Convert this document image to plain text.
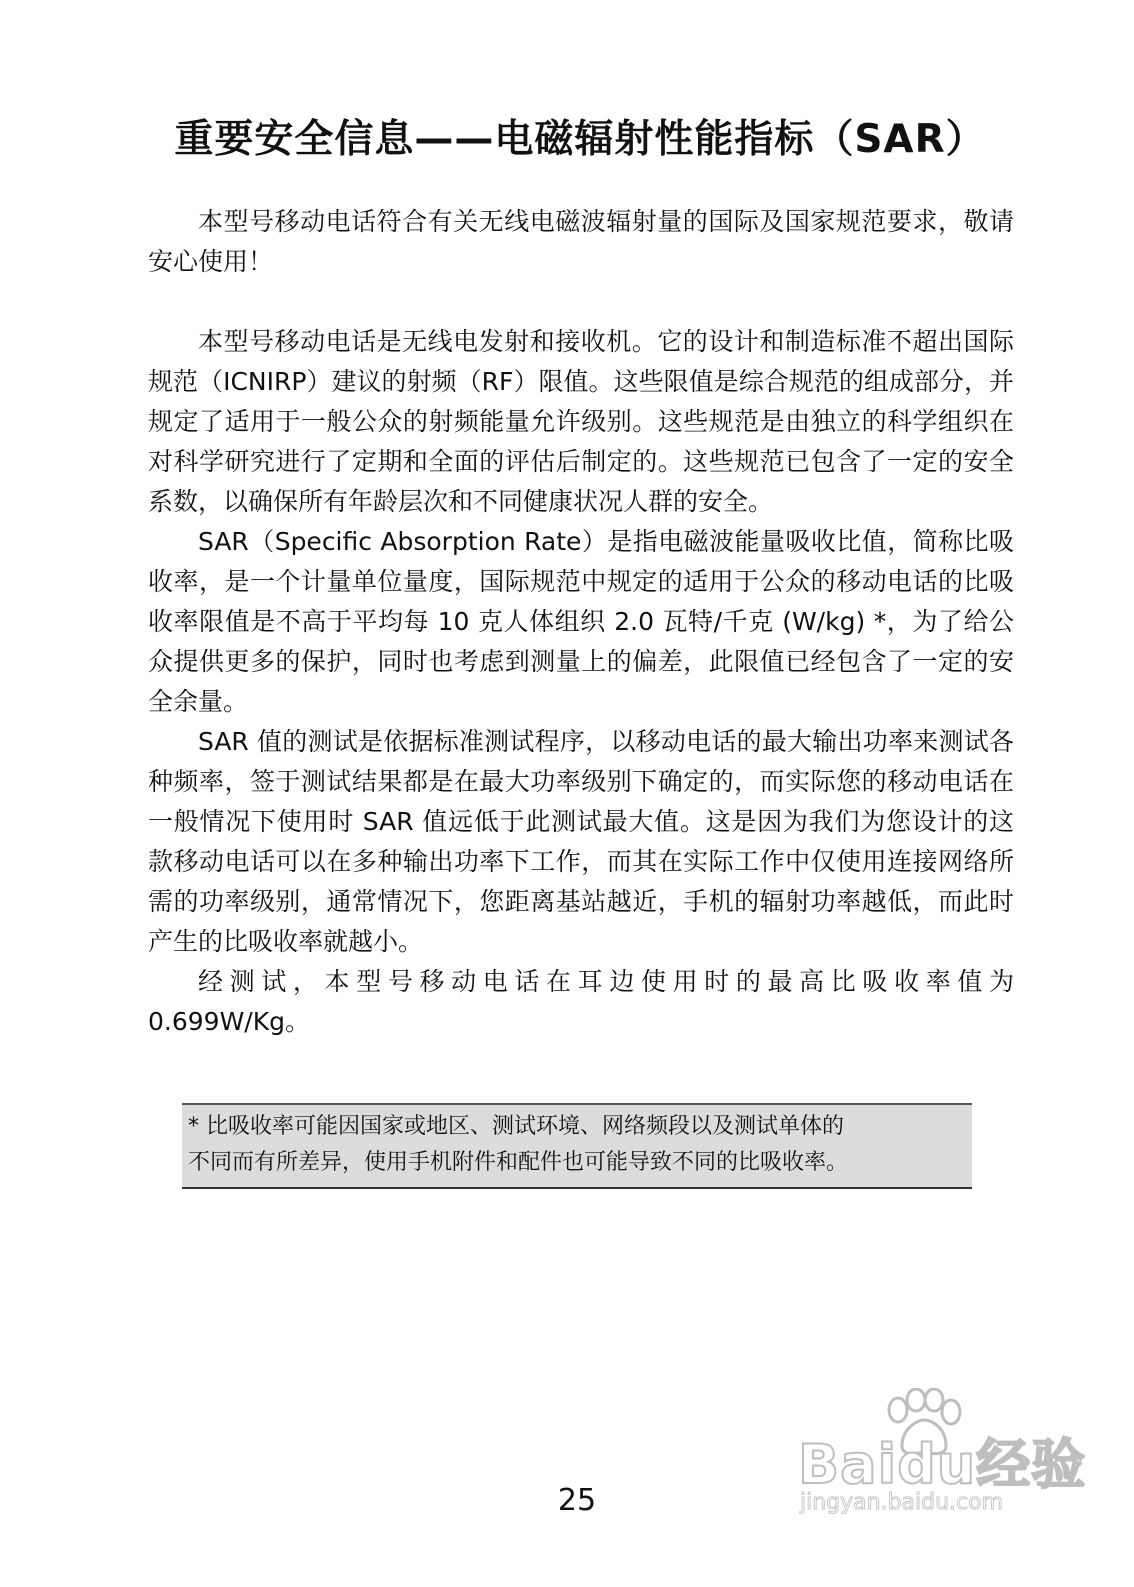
重要安全信息——电磁辐射性能指标（SAR）

本型号移动电话符合有关无线电磁波辐射量的国际及国家规范要求，敬请安心使用！

本型号移动电话是无线电发射和接收机。它的设计和制造标准不超出国际规范（ICNIRP）建议的射频（RF）限值。这些限值是综合规范的组成部分，并规定了适用于一般公众的射频能量允许级别。这些规范是由独立的科学组织在对科学研究进行了定期和全面的评估后制定的。这些规范已包含了一定的安全系数，以确保所有年龄层次和不同健康状况人群的安全。

SAR（Specific Absorption Rate）是指电磁波能量吸收比值，简称比吸收率，是一个计量单位量度，国际规范中规定的适用于公众的移动电话的比吸收率限值是不高于平均每 10 克人体组织 2.0 瓦特/千克 (W/kg) *，为了给公众提供更多的保护，同时也考虑到测量上的偏差，此限值已经包含了一定的安全余量。

SAR 值的测试是依据标准测试程序，以移动电话的最大输出功率来测试各种频率，签于测试结果都是在最大功率级别下确定的，而实际您的移动电话在一般情况下使用时 SAR 值远低于此测试最大值。这是因为我们为您设计的这款移动电话可以在多种输出功率下工作，而其在实际工作中仅使用连接网络所需的功率级别，通常情况下，您距离基站越近，手机的辐射功率越低，而此时产生的比吸收率就越小。

经测试，本型号移动电话在耳边使用时的最高比吸收率值为 0.699W/Kg。

* 比吸收率可能因国家或地区、测试环境、网络频段以及测试单体的

不同而有所差异，使用手机附件和配件也可能导致不同的比吸收率。

Baidu经验
jingyan.baidu.com

25
